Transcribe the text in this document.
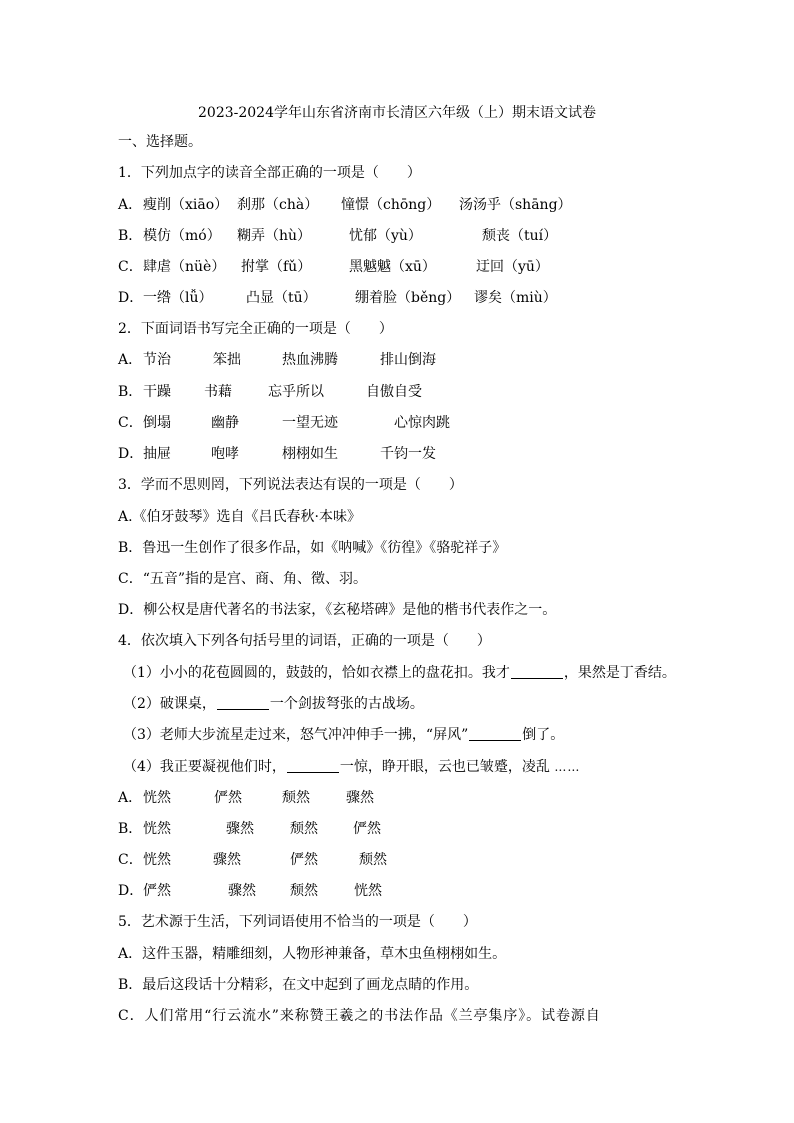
2023-2024学年山东省济南市长清区六年级（上）期末语文试卷
一、选择题。
1．下列加点字的读音全部正确的一项是（　　）
A． 瘦削（xiāo） 刹那（chà） 憧憬（chōng） 汤汤乎（shāng）
B． 模仿（mó） 糊弄（hù）	忧郁（yù）	颓丧（tuí）
C． 肆虐（nüè） 拊掌（fǔ）	黑魆魆（xū）	迂回（yū）
D． 一绺（lǚ） 凸显（tū）	绷着脸（běng） 谬矣（miù）
2．下面词语书写完全正确的一项是（　　）
A． 节治	笨拙	热血沸腾	排山倒海
B． 干躁 书藉	忘乎所以	自傲自受
C． 倒塌	幽静	一望无迹	心惊肉跳
D． 抽屉	咆哮	栩栩如生	千钧一发
3．学而不思则罔，下列说法表达有误的一项是（　　）
A.《伯牙鼓琴》选自《吕氏春秋·本味》
B．鲁迅一生创作了很多作品，如《呐喊》《彷徨》《骆驼祥子》
C．“五音”指的是宫、商、角、徵、羽。
D．柳公权是唐代著名的书法家，《玄秘塔碑》是他的楷书代表作之一。
4．依次填入下列各句括号里的词语，正确的一项是（　　）
（1）小小的花苞圆圆的，鼓鼓的，恰如衣襟上的盘花扣。我才	，果然是丁香结。
（2）破课桌，	一个剑拔弩张的古战场。
（3）老师大步流星走过来，怒气冲冲伸手一拂，“屏风”	倒了。
（4）我正要凝视他们时，	一惊，睁开眼，云也已皱蹙，凌乱 ……
A． 恍然	俨然	颓然	骤然
B． 恍然	骤然	颓然	俨然
C． 恍然	骤然	俨然	颓然
D． 俨然	骤然 颓然	恍然
5．艺术源于生活，下列词语使用不恰当的一项是（　　）
A．这件玉器，精雕细刻，人物形神兼备，草木虫鱼栩栩如生。
B．最后这段话十分精彩，在文中起到了画龙点睛的作用。
C．人们常用“行云流水”来称赞王羲之的书法作品《兰亭集序》。试卷源自
